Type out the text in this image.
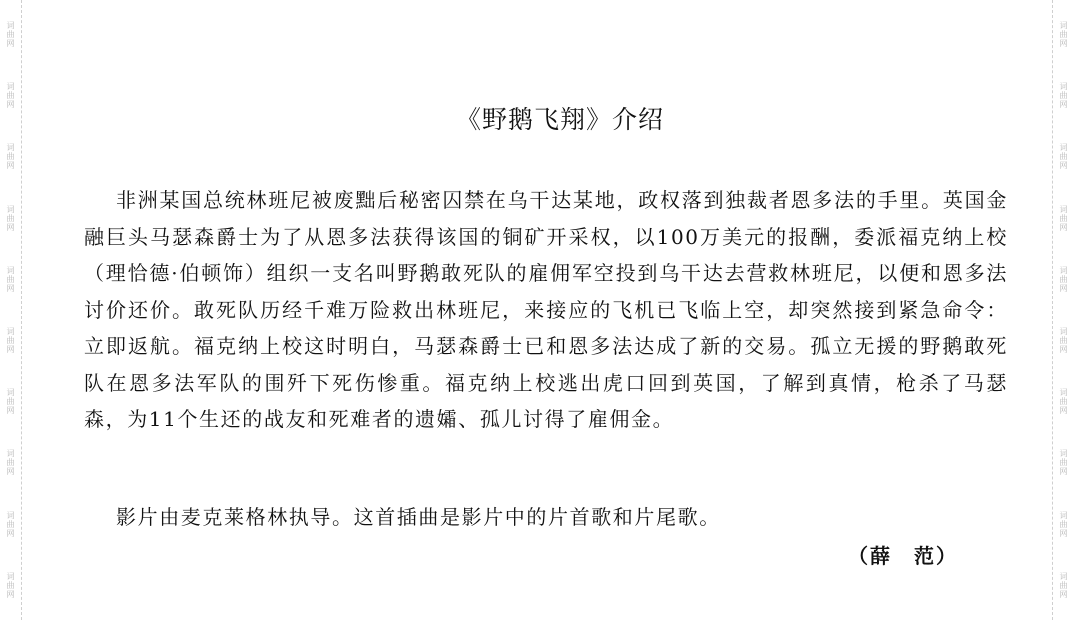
词曲网
词曲网
词曲网
词曲网
词曲网
词曲网
词曲网
词曲网
词曲网
词曲网
词曲网
词曲网
词曲网
词曲网
词曲网
词曲网
词曲网
词曲网
词曲网
词曲网
《野鹅飞翔》介绍

非洲某国总统林班尼被废黜后秘密囚禁在乌干达某地，政权落到独裁者恩多法的手里。英国金融巨头马瑟森爵士为了从恩多法获得该国的铜矿开采权，以100万美元的报酬，委派福克纳上校（理恰德·伯顿饰）组织一支名叫野鹅敢死队的雇佣军空投到乌干达去营救林班尼，以便和恩多法讨价还价。敢死队历经千难万险救出林班尼，来接应的飞机已飞临上空，却突然接到紧急命令：立即返航。福克纳上校这时明白，马瑟森爵士已和恩多法达成了新的交易。孤立无援的野鹅敢死队在恩多法军队的围歼下死伤惨重。福克纳上校逃出虎口回到英国，了解到真情，枪杀了马瑟森，为11个生还的战友和死难者的遗孀、孤儿讨得了雇佣金。

影片由麦克莱格林执导。这首插曲是影片中的片首歌和片尾歌。

（薛 范）
